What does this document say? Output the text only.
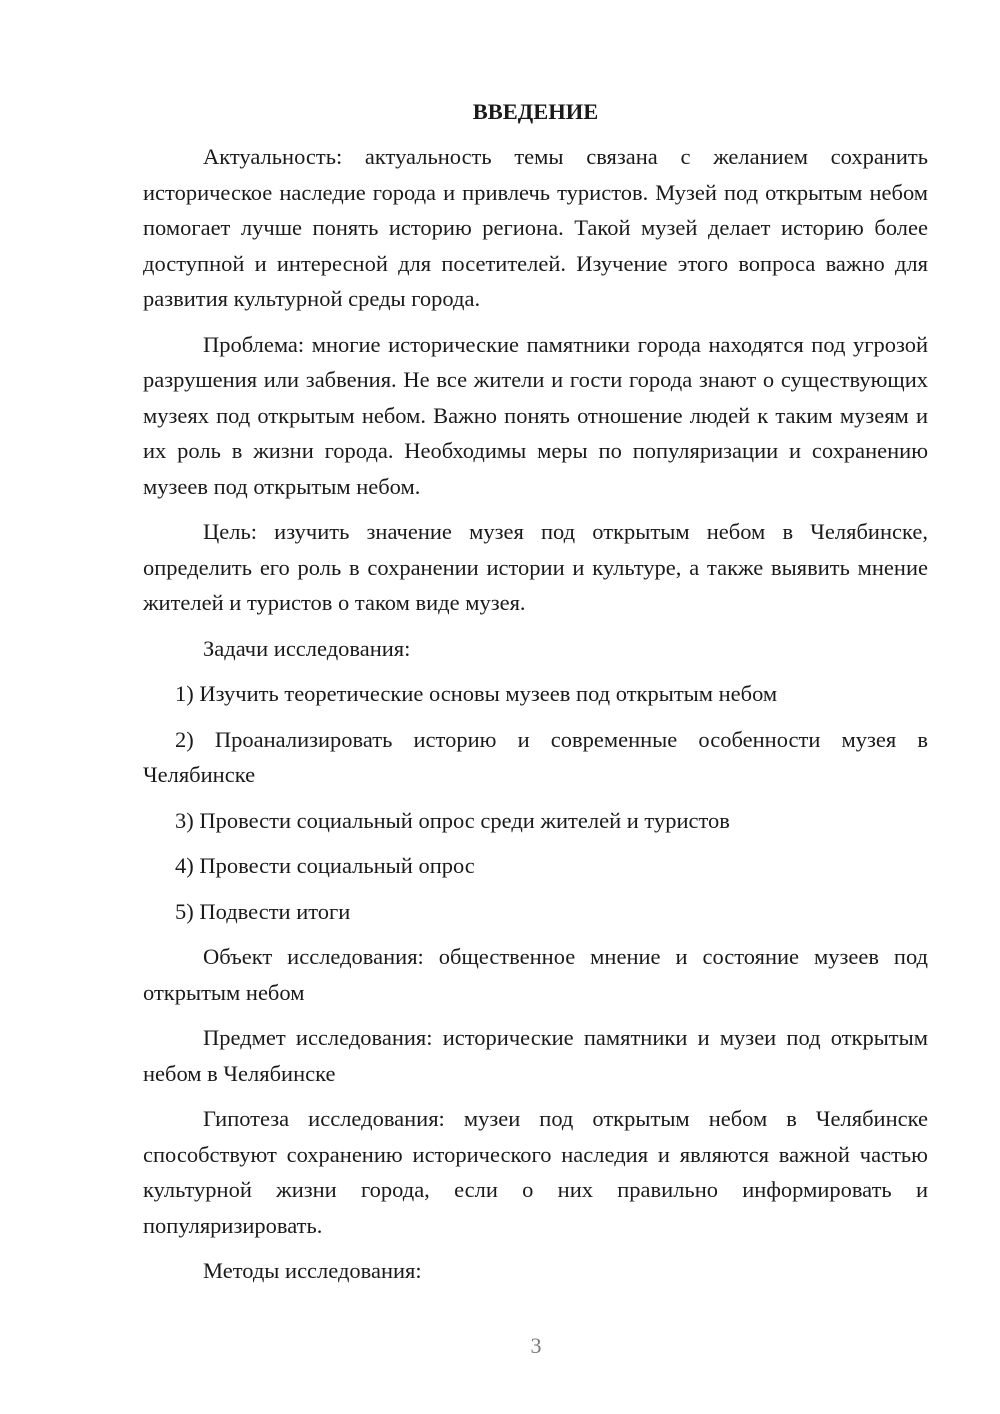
ВВЕДЕНИЕ

Актуальность: актуальность темы связана с желанием сохранить историческое наследие города и привлечь туристов. Музей под открытым небом помогает лучше понять историю региона. Такой музей делает историю более доступной и интересной для посетителей. Изучение этого вопроса важно для развития культурной среды города.

Проблема: многие исторические памятники города находятся под угрозой разрушения или забвения. Не все жители и гости города знают о существующих музеях под открытым небом. Важно понять отношение людей к таким музеям и их роль в жизни города. Необходимы меры по популяризации и сохранению музеев под открытым небом.

Цель: изучить значение музея под открытым небом в Челябинске, определить его роль в сохранении истории и культуре, а также выявить мнение жителей и туристов о таком виде музея.

Задачи исследования:

1) Изучить теоретические основы музеев под открытым небом

2) Проанализировать историю и современные особенности музея в Челябинске

3) Провести социальный опрос среди жителей и туристов

4) Провести социальный опрос

5) Подвести итоги

Объект исследования: общественное мнение и состояние музеев под открытым небом

Предмет исследования: исторические памятники и музеи под открытым небом в Челябинске

Гипотеза исследования: музеи под открытым небом в Челябинске способствуют сохранению исторического наследия и являются важной частью культурной жизни города, если о них правильно информировать и популяризировать.

Методы исследования:

3
